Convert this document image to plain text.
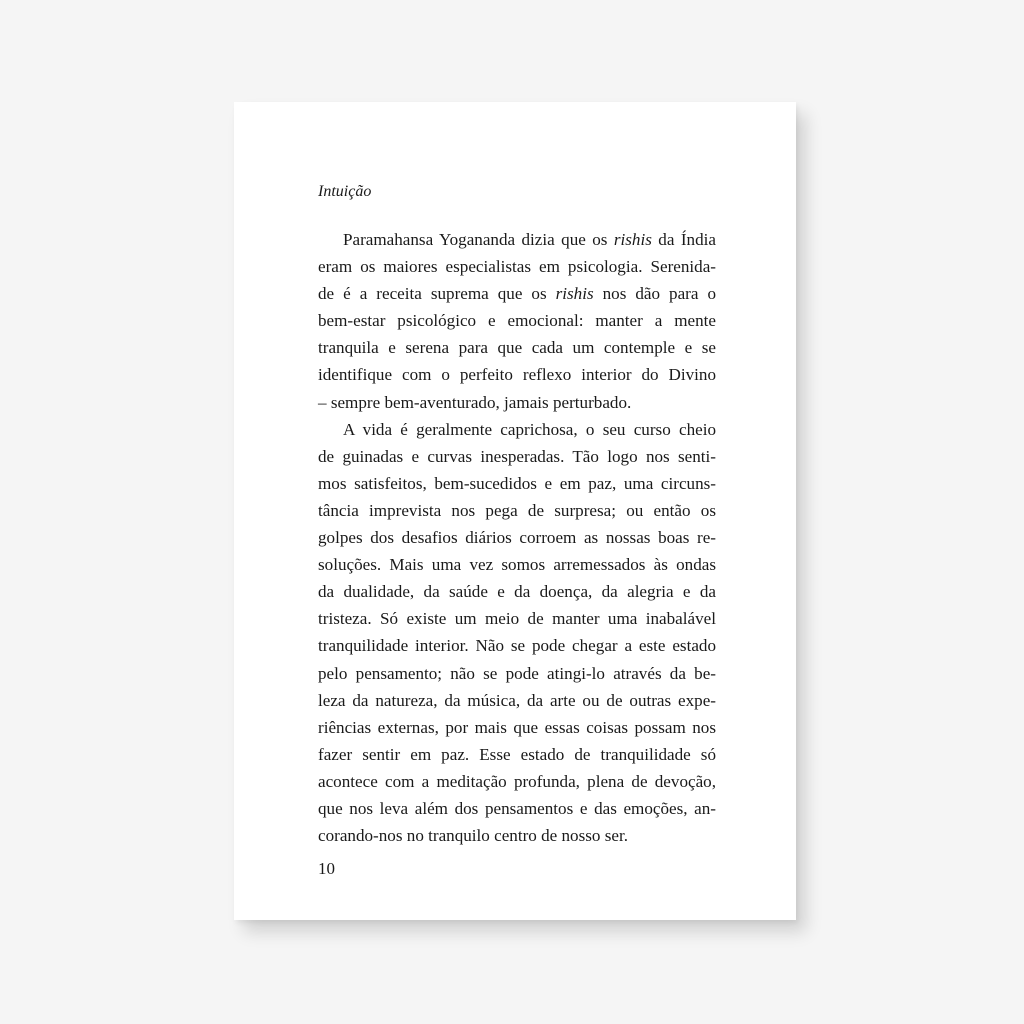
Intuição
Paramahansa Yogananda dizia que os rishis da Índia
eram os maiores especialistas em psicologia. Serenida-
de é a receita suprema que os rishis nos dão para o
bem-estar psicológico e emocional: manter a mente
tranquila e serena para que cada um contemple e se
identifique com o perfeito reflexo interior do Divino
– sempre bem-aventurado, jamais perturbado.
A vida é geralmente caprichosa, o seu curso cheio
de guinadas e curvas inesperadas. Tão logo nos senti-
mos satisfeitos, bem-sucedidos e em paz, uma circuns-
tância imprevista nos pega de surpresa; ou então os
golpes dos desafios diários corroem as nossas boas re-
soluções. Mais uma vez somos arremessados às ondas
da dualidade, da saúde e da doença, da alegria e da
tristeza. Só existe um meio de manter uma inabalável
tranquilidade interior. Não se pode chegar a este estado
pelo pensamento; não se pode atingi-lo através da be-
leza da natureza, da música, da arte ou de outras expe-
riências externas, por mais que essas coisas possam nos
fazer sentir em paz. Esse estado de tranquilidade só
acontece com a meditação profunda, plena de devoção,
que nos leva além dos pensamentos e das emoções, an-
corando-nos no tranquilo centro de nosso ser.
10
